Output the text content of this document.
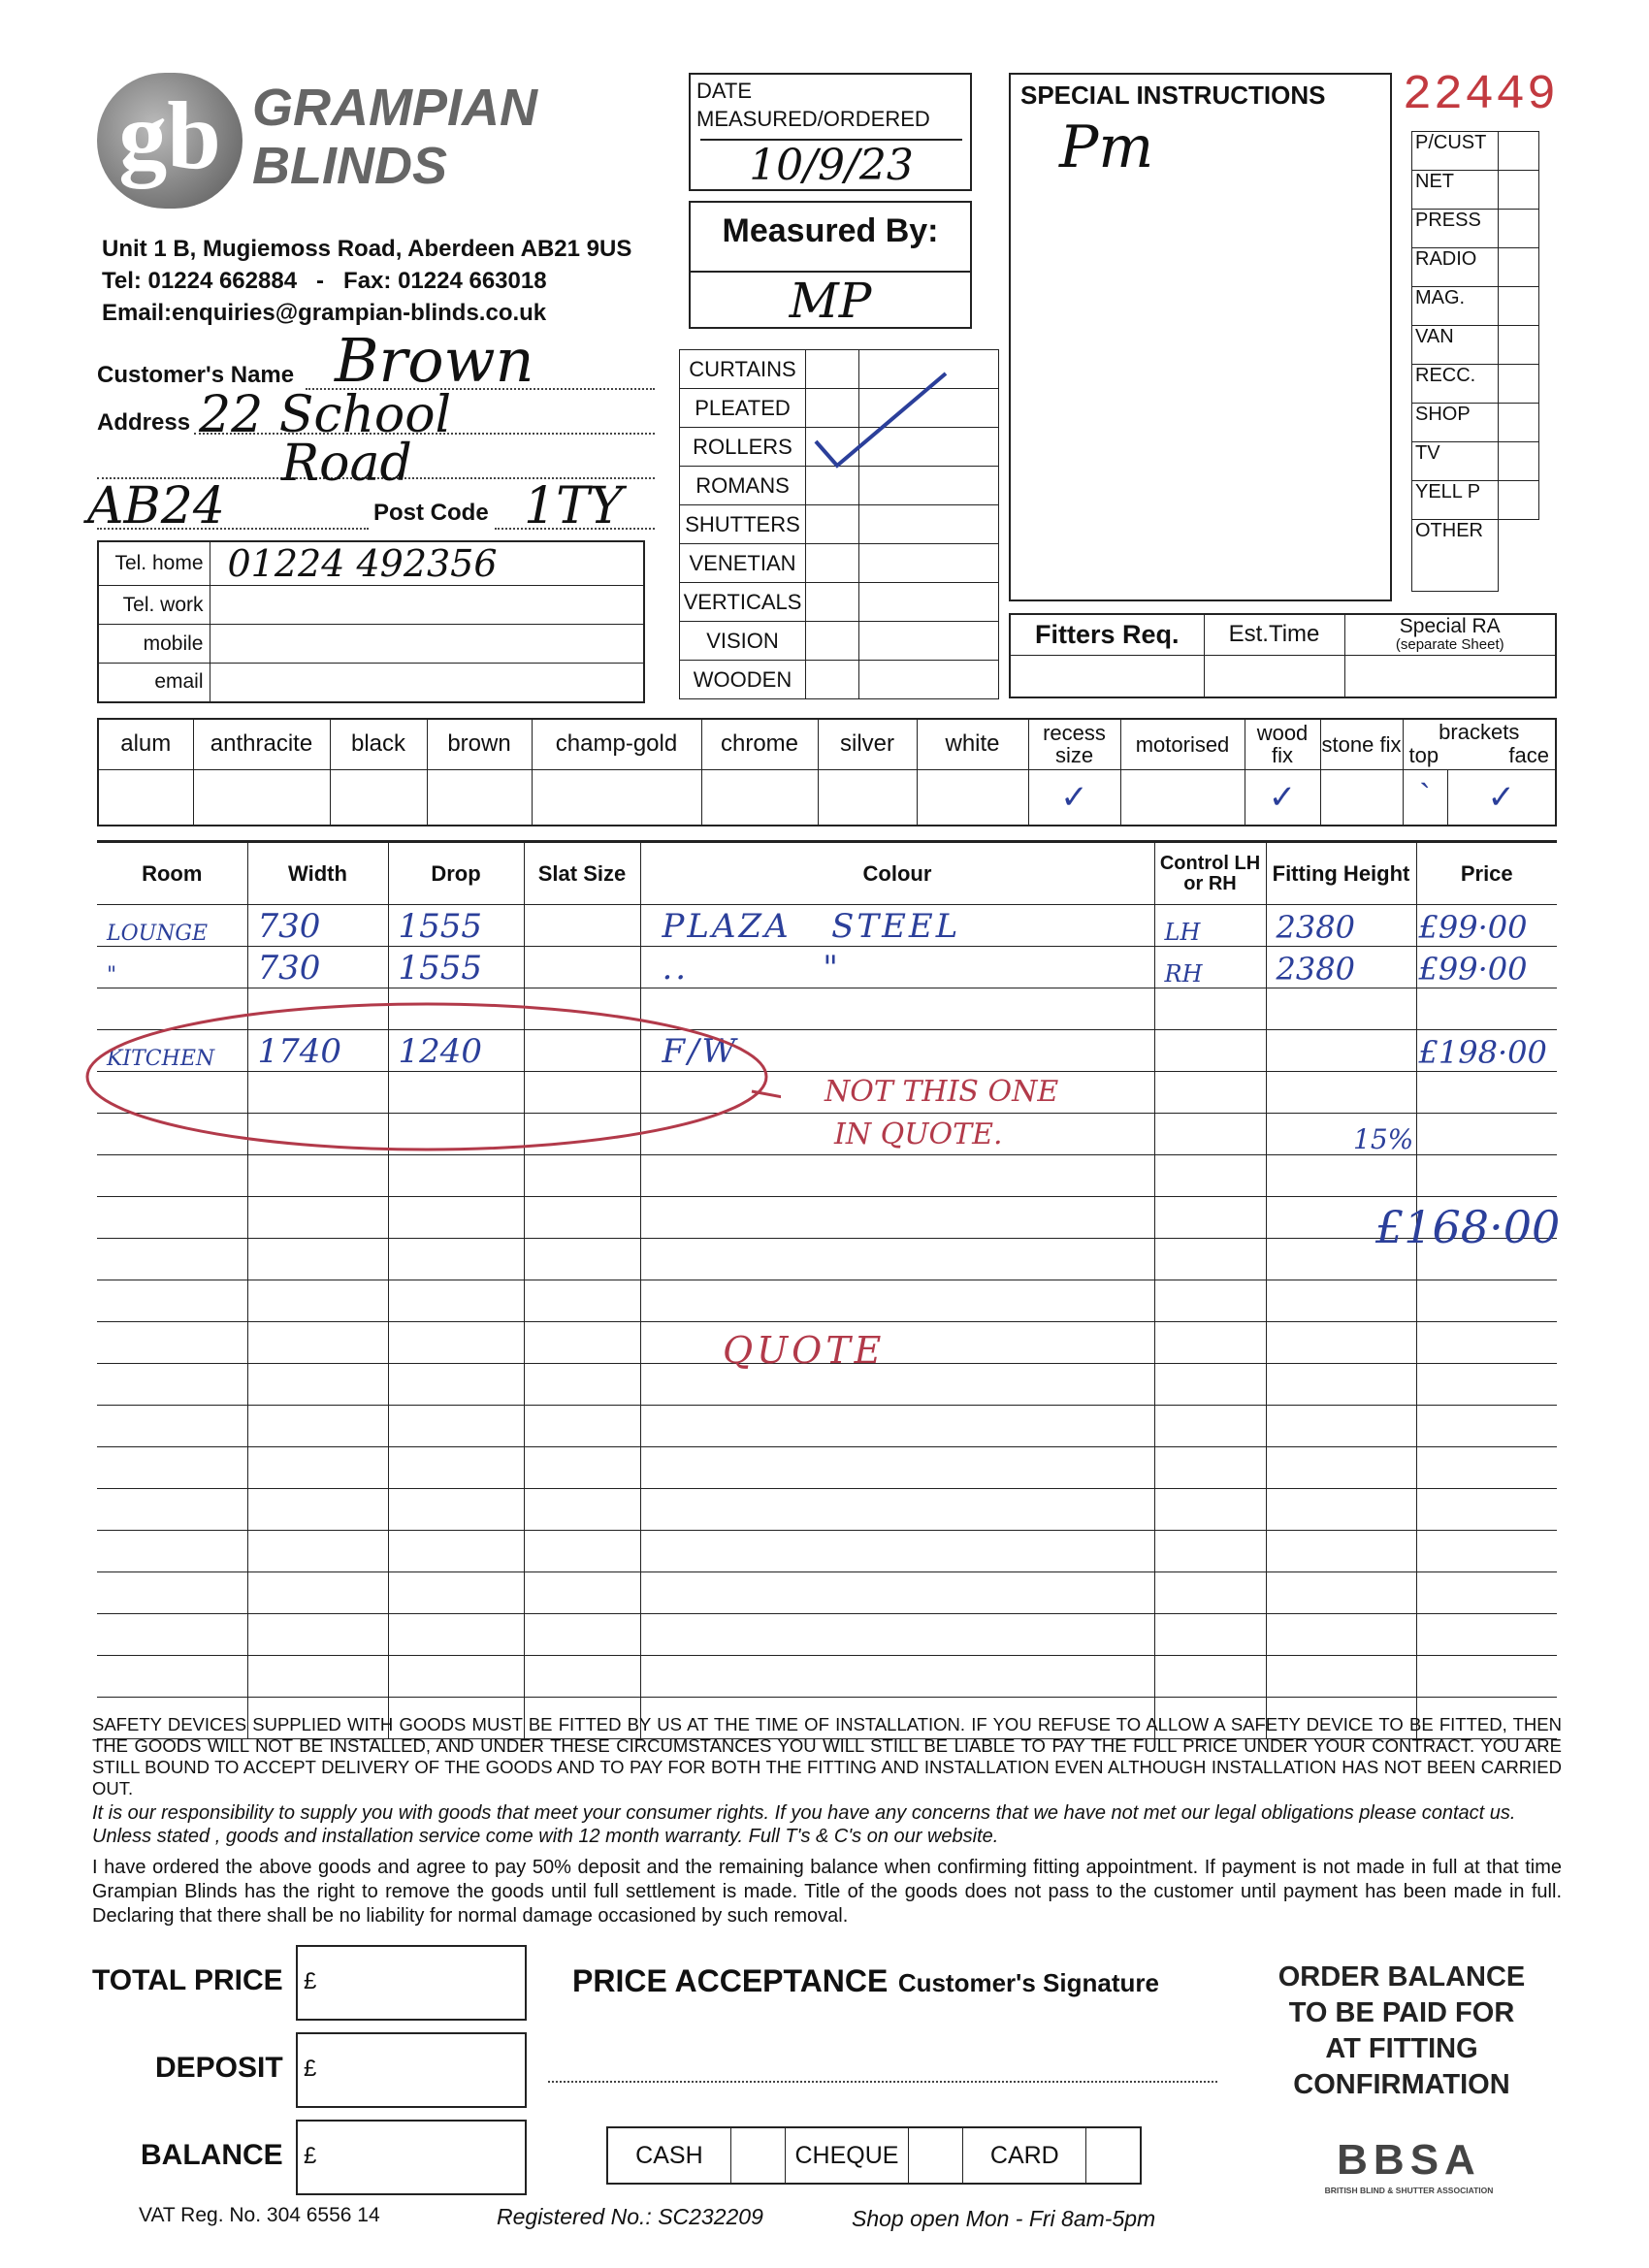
gb GRAMPIAN
BLINDS
Unit 1 B, Mugiemoss Road, Aberdeen AB21 9US
Tel: 01224 662884   -   Fax: 01224 663018
Email:enquiries@grampian-blinds.co.uk
DATE
MEASURED/ORDERED
10/9/23
Measured By:
MP
SPECIAL INSTRUCTIONS
Pm
22449
P/CUST	
NET	
PRESS	
RADIO	
MAG.	
VAN	
RECC.	
SHOP	
TV	
YELL P	
OTHER	
Customer's Name Brown
Address 22 School
Road
AB24	Post Code 1TY
Tel. home	01224 492356
Tel. work	
mobile	
email	
CURTAINS		
PLEATED		
ROLLERS		
ROMANS		
SHUTTERS		
VENETIAN		
VERTICALS		
VISION		
WOODEN		
Fitters Req.	Est.Time	Special RA
(separate Sheet)

alum	anthracite	black	brown	champ-gold	chrome	silver	white	recess size	motorised	wood fix	stone fix	brackets
top face	

								✓		✓		`	✓
Room	Width	Drop	Slat Size	Colour	Control LH or RH	Fitting Height	Price
LOUNGE	730	1555		PLAZA   STEEL	LH	2380	£99·00
"	730	1555		..          "	RH	2380	£99·00

KITCHEN	1740	1240		F/W			£198·00

NOT THIS ONE
IN QUOTE.	15%
£168·00
QUOTE
SAFETY DEVICES SUPPLIED WITH GOODS MUST BE FITTED BY US AT THE TIME OF INSTALLATION. IF YOU REFUSE TO ALLOW A SAFETY DEVICE TO BE FITTED, THEN THE GOODS WILL NOT BE INSTALLED, AND UNDER THESE CIRCUMSTANCES YOU WILL STILL BE LIABLE TO PAY THE FULL PRICE UNDER YOUR CONTRACT. YOU ARE STILL BOUND TO ACCEPT DELIVERY OF THE GOODS AND TO PAY FOR BOTH THE FITTING AND INSTALLATION EVEN ALTHOUGH INSTALLATION HAS NOT BEEN CARRIED OUT.
It is our responsibility to supply you with goods that meet your consumer rights. If you have any concerns that we have not met our legal obligations please contact us. Unless stated , goods and installation service come with 12 month warranty. Full T's & C's on our website.
I have ordered the above goods and agree to pay 50% deposit and the remaining balance when confirming fitting appointment. If payment is not made in full at that time Grampian Blinds has the right to remove the goods until full settlement is made. Title of the goods does not pass to the customer until payment has been made in full. Declaring that there shall be no liability for normal damage occasioned by such removal.
TOTAL PRICE £
DEPOSIT £
BALANCE £
PRICE ACCEPTANCE Customer's Signature
CASH		CHEQUE		CARD	
ORDER BALANCE
TO BE PAID FOR
AT FITTING
CONFIRMATION
BBSA
BRITISH BLIND & SHUTTER ASSOCIATION
VAT Reg. No. 304 6556 14	Registered No.: SC232209	Shop open Mon - Fri 8am-5pm
